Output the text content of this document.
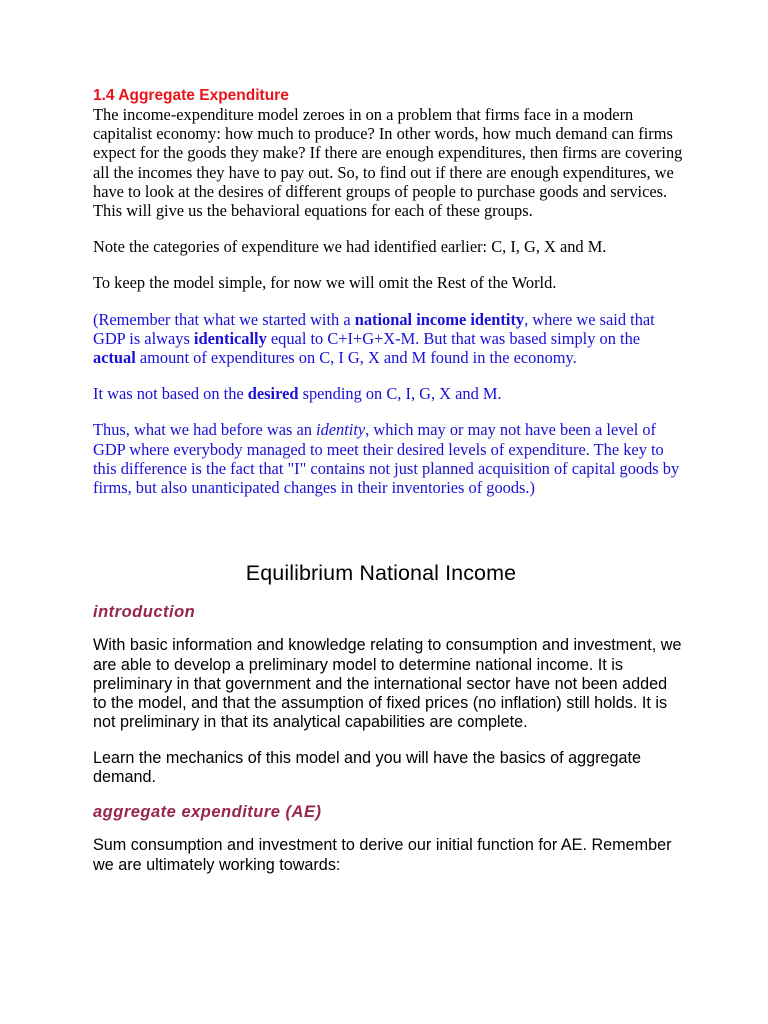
1.4 Aggregate Expenditure

The income-expenditure model zeroes in on a problem that firms face in a modern capitalist economy: how much to produce? In other words, how much demand can firms expect for the goods they make? If there are enough expenditures, then firms are covering all the incomes they have to pay out. So, to find out if there are enough expenditures, we have to look at the desires of different groups of people to purchase goods and services. This will give us the behavioral equations for each of these groups.

Note the categories of expenditure we had identified earlier: C, I, G, X and M.

To keep the model simple, for now we will omit the Rest of the World.

(Remember that what we started with a national income identity, where we said that GDP is always identically equal to C+I+G+X-M. But that was based simply on the actual amount of expenditures on C, I G, X and M found in the economy.

It was not based on the desired spending on C, I, G, X and M.

Thus, what we had before was an identity, which may or may not have been a level of GDP where everybody managed to meet their desired levels of expenditure. The key to this difference is the fact that "I" contains not just planned acquisition of capital goods by firms, but also unanticipated changes in their inventories of goods.)

Equilibrium National Income
introduction

With basic information and knowledge relating to consumption and investment, we are able to develop a preliminary model to determine national income. It is preliminary in that government and the international sector have not been added to the model, and that the assumption of fixed prices (no inflation) still holds. It is not preliminary in that its analytical capabilities are complete.

Learn the mechanics of this model and you will have the basics of aggregate demand.

aggregate expenditure (AE)

Sum consumption and investment to derive our initial function for AE. Remember we are ultimately working towards:
